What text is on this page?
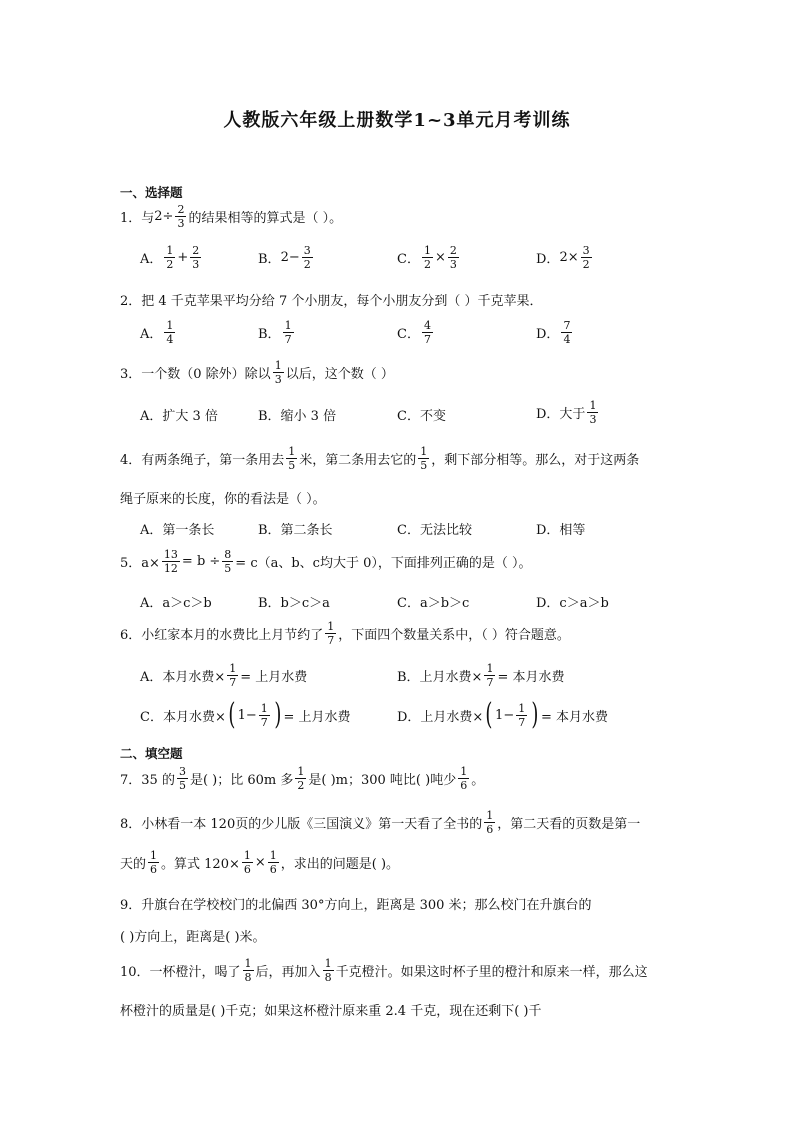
人教版六年级上册数学1~3单元月考训练
一、选择题
1．与 $2\div \frac{2}{3}$ 的结果相等的算式是（ ）。
A． $\frac{1}{2} + \frac{2}{3}$	B． $2- \frac{3}{2}$	C． $\frac{1}{2} \times \frac{2}{3}$	D． $2\times \frac{3}{2}$
2．把 4 千克苹果平均分给 7 个小朋友，每个小朋友分到（ ）千克苹果．
A． $\frac{1}{4}$	B． $\frac{1}{7}$	C． $\frac{4}{7}$	D． $\frac{7}{4}$
3．一个数（0 除外）除以 $\frac{1}{3}$ 以后，这个数（ ）
A．扩大 3 倍	B．缩小 3 倍	C．不变	D．大于 $\frac{1}{3}$
4．有两条绳子，第一条用去 $\frac{1}{5}$ 米，第二条用去它的 $\frac{1}{5}$ ，剩下部分相等。那么，对于这两条
绳子原来的长度，你的看法是（ ）。
A．第一条长	B．第二条长	C．无法比较	D．相等
5．$a\times \frac{13}{12} = b \div \frac{8}{5} = c(a$、b、c均大于 0），下面排列正确的是（ ）。
A．a＞c＞b	B．b＞c＞a	C．a＞b＞c	D．c＞a＞b
6．小红家本月的水费比上月节约了 $\frac{1}{7}$ ，下面四个数量关系中，（ ）符合题意。
A．本月水费× $\frac{1}{7}$ = 上月水费	B．上月水费× $\frac{1}{7}$ = 本月水费
C．本月水费× ( $1- \frac{1}{7}$ ) = 上月水费	D．上月水费× ( $1- \frac{1}{7}$ ) = 本月水费
二、填空题
7．35 的 $\frac{3}{5}$ 是( )；比 60m 多 $\frac{1}{2}$ 是( )m；300 吨比( )吨少 $\frac{1}{6}$ 。
8．小林看一本 120页的少儿版《三国演义》第一天看了全书的 $\frac{1}{6}$ ，第二天看的页数是第一
天的 $\frac{1}{6}$ 。算式 $120\times \frac{1}{6} \times \frac{1}{6}$ ，求出的问题是( )。
9．升旗台在学校校门的北偏西 30°方向上，距离是 300 米；那么校门在升旗台的
( )方向上，距离是( )米。
10．一杯橙汁，喝了 $\frac{1}{8}$ 后，再加入 $\frac{1}{8}$ 千克橙汁。如果这时杯子里的橙汁和原来一样，那么这
杯橙汁的质量是( )千克；如果这杯橙汁原来重 2.4 千克，现在还剩下( )千
